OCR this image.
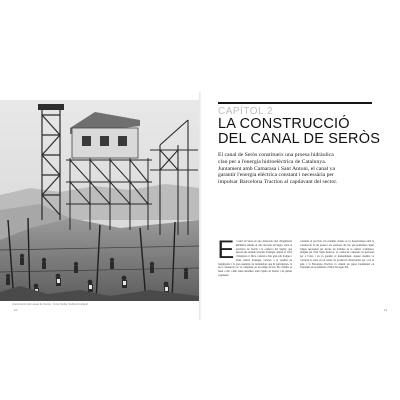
Construcció del canal de Seròs · Fons Sofia, Subirà Fotògraf
10
CAPÍTOL 2
LA CONSTRUCCIÓ
DEL CANAL DE SERÒS
El canal de Seròs constitueix una proesa hidràulica
clau per a l'energia hidroelèctrica de Catalunya.
Juntament amb Camarasa i Sant Antoni, el canal va
garantir l'energia elèctrica constant i necessària per
impulsar Barcelona Traction al capdavant del sector.
E l canal de Seròs és una destacada obra d'enginyeria hidràulica situada al curs del baix riu Segre, entre la província de Lleida i la comarca del Segrià, que suposà una notable inversió d'energia. Iniciat el 1912 i finalitzat el 1914, constava d'un gran salt d'aigua i d'una central d'energia. Gràcies a la qualitat de l'enginyeria i la gran quantitat de treballadors que hi participaren, la seva construcció es va completar en un temps rècord. Els treballs es feien a mà i amb eines senzilles, amb l'ajuda de bestiar i de petites vagonetes.
construir el seu flux. Un exemple clàssic es va desenvolupar amb la construcció de les preses i les rescloses del riu, que permetien captar l'aigua necessària per moure les turbines de la central. L'empresa, dirigida per Fred Stark Pearson, va contractar centenars de persones per a l'obra i en va garantir el manteniment. Aquest sistema va convertir la zona en un centre de producció d'electricitat per a tot el país, i la Barcelona Traction va obtenir un paper fonamental en l'expansió de la indústria a l'inici del segle XX.
11
